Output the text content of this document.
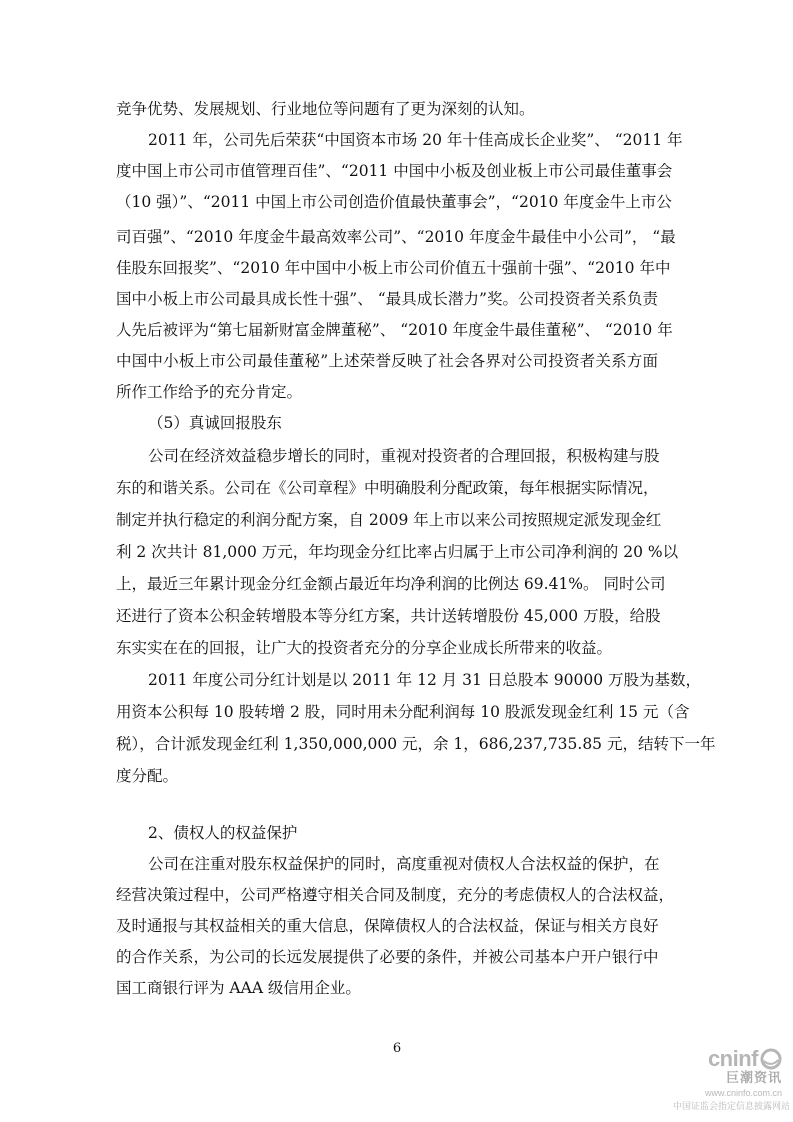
竞争优势、发展规划、行业地位等问题有了更为深刻的认知。
2011 年，公司先后荣获“中国资本市场 20 年十佳高成长企业奖”、 “2011 年
度中国上市公司市值管理百佳”、“2011 中国中小板及创业板上市公司最佳董事会
（10 强）”、“2011 中国上市公司创造价值最快董事会”，“2010 年度金牛上市公
司百强”、“2010 年度金牛最高效率公司”、“2010 年度金牛最佳中小公司”， “最
佳股东回报奖”、“2010 年中国中小板上市公司价值五十强前十强”、“2010 年中
国中小板上市公司最具成长性十强”、 “最具成长潜力”奖。公司投资者关系负责
人先后被评为“第七届新财富金牌董秘”、 “2010 年度金牛最佳董秘”、 “2010 年
中国中小板上市公司最佳董秘”上述荣誉反映了社会各界对公司投资者关系方面
所作工作给予的充分肯定。
（5）真诚回报股东
公司在经济效益稳步增长的同时，重视对投资者的合理回报，积极构建与股
东的和谐关系。公司在《公司章程》中明确股利分配政策，每年根据实际情况，
制定并执行稳定的利润分配方案，自 2009 年上市以来公司按照规定派发现金红
利 2 次共计 81,000 万元，年均现金分红比率占归属于上市公司净利润的 20 %以
上，最近三年累计现金分红金额占最近年均净利润的比例达 69.41%。 同时公司
还进行了资本公积金转增股本等分红方案，共计送转增股份 45,000 万股，给股
东实实在在的回报，让广大的投资者充分的分享企业成长所带来的收益。
2011 年度公司分红计划是以 2011 年 12 月 31 日总股本 90000 万股为基数，
用资本公积每 10 股转增 2 股，同时用未分配利润每 10 股派发现金红利 15 元（含
税），合计派发现金红利 1,350,000,000 元，余 1，686,237,735.85 元，结转下一年
度分配。
2、债权人的权益保护
公司在注重对股东权益保护的同时，高度重视对债权人合法权益的保护，在
经营决策过程中，公司严格遵守相关合同及制度，充分的考虑债权人的合法权益，
及时通报与其权益相关的重大信息，保障债权人的合法权益，保证与相关方良好
的合作关系，为公司的长远发展提供了必要的条件，并被公司基本户开户银行中
国工商银行评为 AAA 级信用企业。
6	cninf
巨潮资讯
www.cninfo.com.cn
中国证监会指定信息披露网站
